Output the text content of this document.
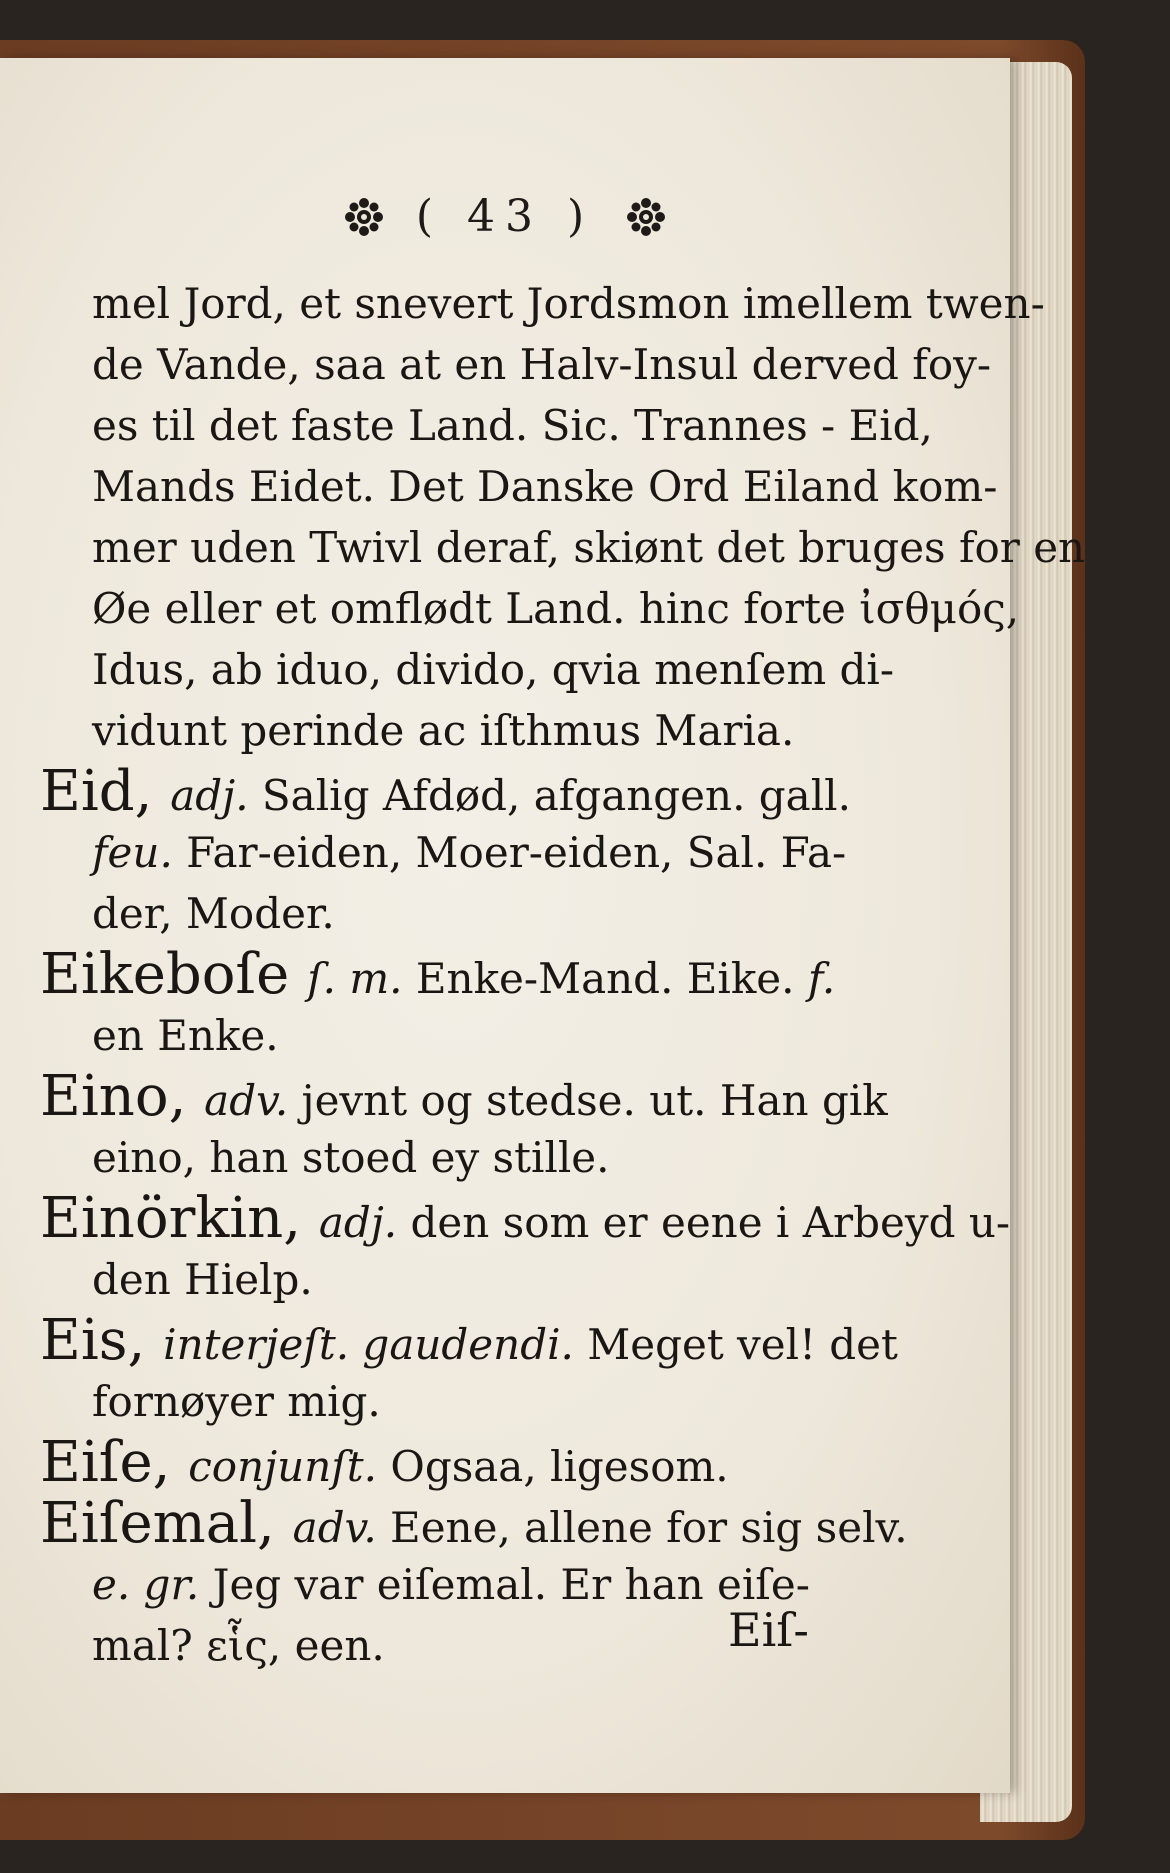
( 43 )
mel Jord, et snevert Jordsmon imellem twen-
de Vande, saa at en Halv-Insul derved foy-
es til det faste Land. Sic. Trannes - Eid,
Mands Eidet. Det Danske Ord Eiland kom-
mer uden Twivl deraf, skiønt det bruges for en
Øe eller et omflødt Land. hinc forte ἰσθμός,
Idus, ab iduo, divido, qvia menſem di-
vidunt perinde ac iſthmus Maria.
Eid, adj. Salig Afdød, afgangen. gall.
feu. Far-eiden, Moer-eiden, Sal. Fa-
der, Moder.
Eikeboſe ſ. m. Enke-Mand. Eike. f.
en Enke.
Eino, adv. jevnt og stedse. ut. Han gik
eino, han stoed ey stille.
Einörkin, adj. den som er eene i Arbeyd u-
den Hielp.
Eis, interjeſt. gaudendi. Meget vel! det
fornøyer mig.
Eiſe, conjunſt. Ogsaa, ligesom.
Eiſemal, adv. Eene, allene for sig selv.
e. gr. Jeg var eiſemal. Er han eiſe-
mal? εἷς, een.	Eiſ-
